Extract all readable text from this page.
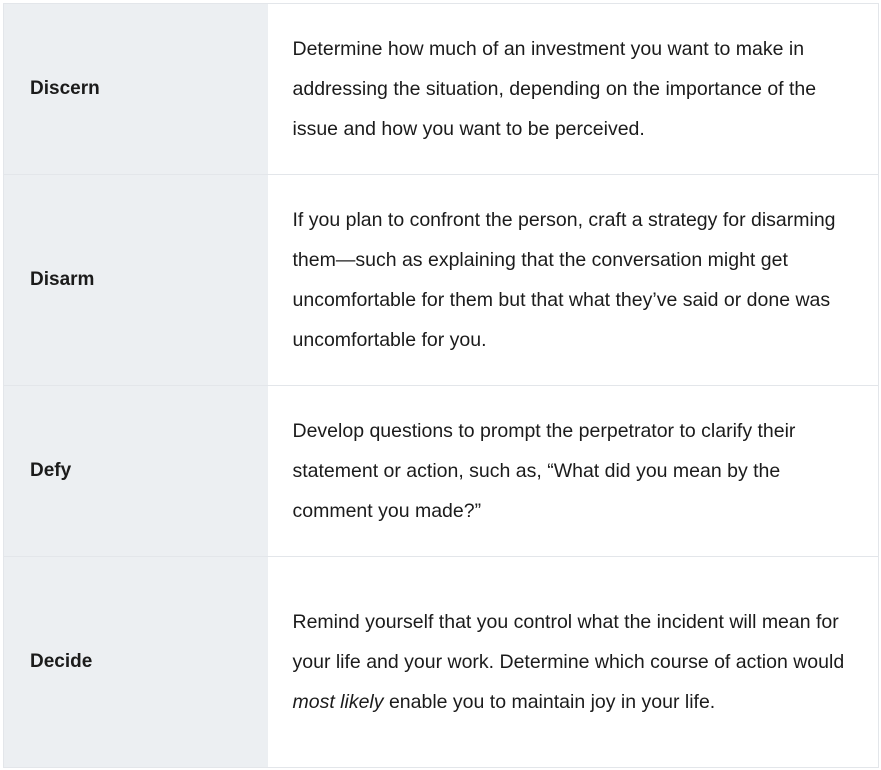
Discern	Determine how much of an investment you want to make in addressing the situation, depending on the importance of the issue and how you want to be perceived.
Disarm	If you plan to confront the person, craft a strategy for disarming them—such as explaining that the conversation might get uncomfortable for them but that what they’ve said or done was uncomfortable for you.
Defy	Develop questions to prompt the perpetrator to clarify their statement or action, such as, “What did you mean by the comment you made?”
Decide	Remind yourself that you control what the incident will mean for your life and your work. Determine which course of action would most likely enable you to maintain joy in your life.
